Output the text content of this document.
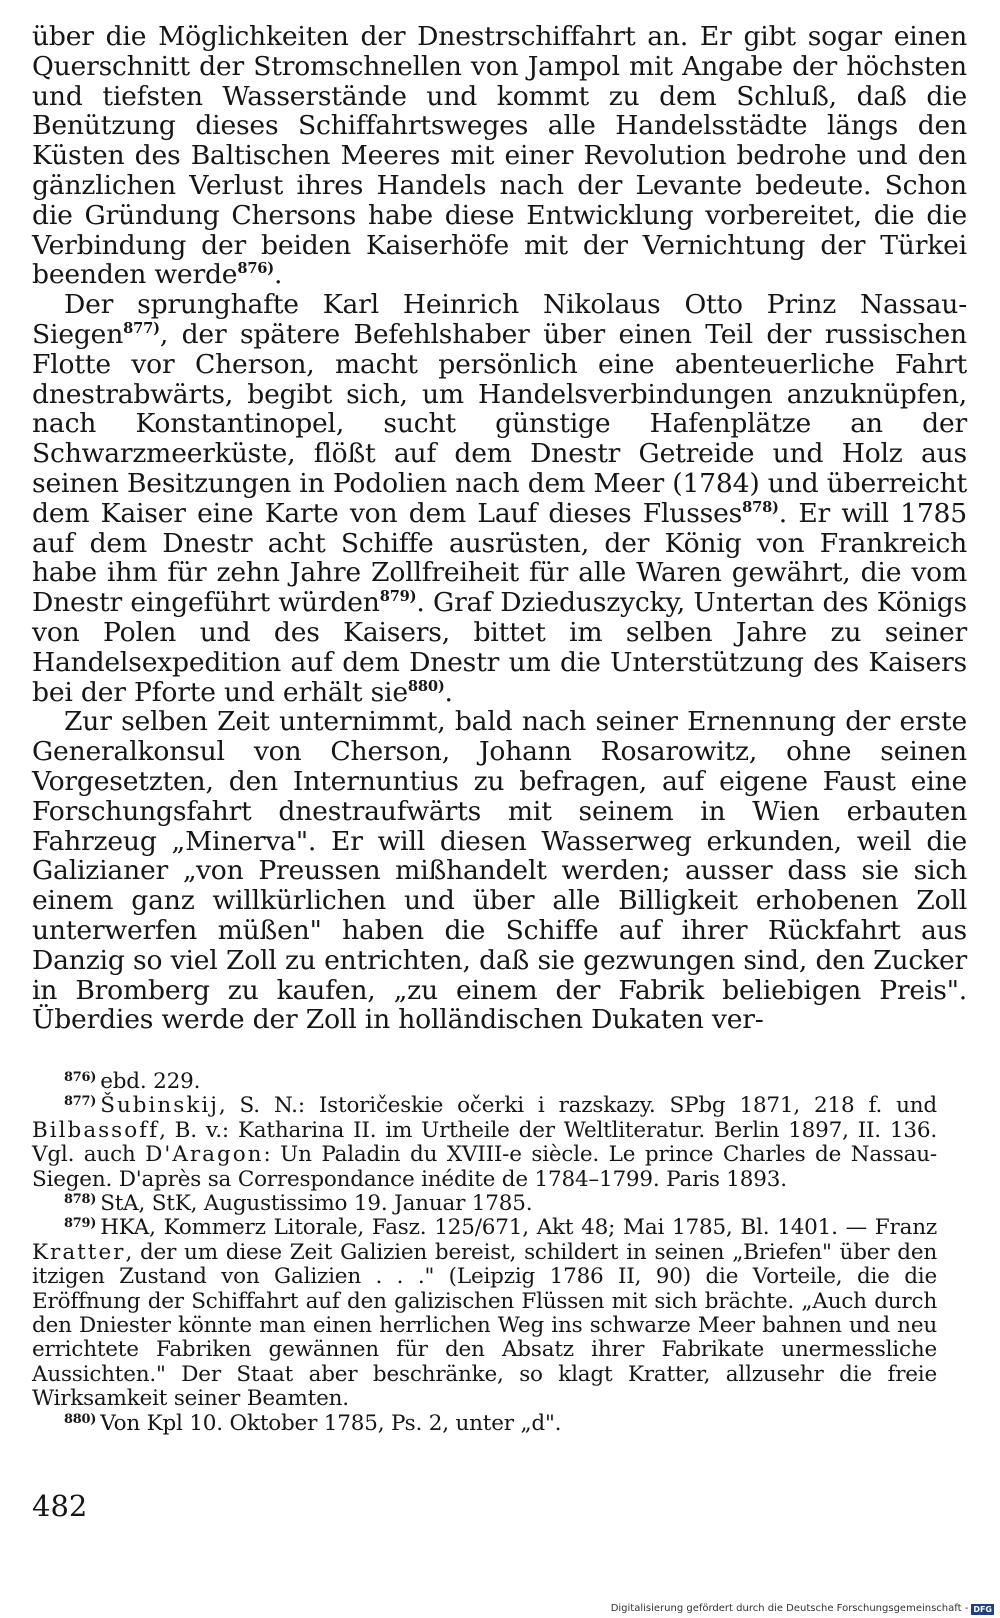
über die Möglichkeiten der Dnestrschiffahrt an. Er gibt sogar einen Querschnitt der Stromschnellen von Jampol mit Angabe der höchsten und tiefsten Wasserstände und kommt zu dem Schluß, daß die Benützung dieses Schiffahrtsweges alle Handelsstädte längs den Küsten des Baltischen Meeres mit einer Revolution bedrohe und den gänzlichen Verlust ihres Handels nach der Levante bedeute. Schon die Gründung Chersons habe diese Entwicklung vorbereitet, die die Verbindung der beiden Kaiserhöfe mit der Vernichtung der Türkei beenden werde$^{876)}$.

Der sprunghafte Karl Heinrich Nikolaus Otto Prinz Nassau-Siegen$^{877)}$, der spätere Befehlshaber über einen Teil der russischen Flotte vor Cherson, macht persönlich eine abenteuerliche Fahrt dnestrabwärts, begibt sich, um Handelsverbindungen anzuknüpfen, nach Konstantinopel, sucht günstige Hafenplätze an der Schwarzmeerküste, flößt auf dem Dnestr Getreide und Holz aus seinen Besitzungen in Podolien nach dem Meer (1784) und überreicht dem Kaiser eine Karte von dem Lauf dieses Flusses$^{878)}$. Er will 1785 auf dem Dnestr acht Schiffe ausrüsten, der König von Frankreich habe ihm für zehn Jahre Zollfreiheit für alle Waren gewährt, die vom Dnestr eingeführt würden$^{879)}$. Graf Dzieduszycky, Untertan des Königs von Polen und des Kaisers, bittet im selben Jahre zu seiner Handelsexpedition auf dem Dnestr um die Unterstützung des Kaisers bei der Pforte und erhält sie$^{880)}$.

Zur selben Zeit unternimmt, bald nach seiner Ernennung der erste Generalkonsul von Cherson, Johann Rosarowitz, ohne seinen Vorgesetzten, den Internuntius zu befragen, auf eigene Faust eine Forschungsfahrt dnestraufwärts mit seinem in Wien erbauten Fahrzeug „Minerva". Er will diesen Wasserweg erkunden, weil die Galizianer „von Preussen mißhandelt werden; ausser dass sie sich einem ganz willkürlichen und über alle Billigkeit erhobenen Zoll unterwerfen müßen" haben die Schiffe auf ihrer Rückfahrt aus Danzig so viel Zoll zu entrichten, daß sie gezwungen sind, den Zucker in Bromberg zu kaufen, „zu einem der Fabrik beliebigen Preis". Überdies werde der Zoll in holländischen Dukaten ver-

$^{876)}$ ebd. 229.

$^{877)}$ Šubinskij, S. N.: Istoričeskie očerki i razskazy. SPbg 1871, 218 f. und Bilbassoff, B. v.: Katharina II. im Urtheile der Weltliteratur. Berlin 1897, II. 136. Vgl. auch D'Aragon: Un Paladin du XVIII-e siècle. Le prince Charles de Nassau-Siegen. D'après sa Correspondance inédite de 1784–1799. Paris 1893.

$^{878)}$ StA, StK, Augustissimo 19. Januar 1785.

$^{879)}$ HKA, Kommerz Litorale, Fasz. 125/671, Akt 48; Mai 1785, Bl. 1401. — Franz Kratter, der um diese Zeit Galizien bereist, schildert in seinen „Briefen" über den itzigen Zustand von Galizien . . ." (Leipzig 1786 II, 90) die Vorteile, die die Eröffnung der Schiffahrt auf den galizischen Flüssen mit sich brächte. „Auch durch den Dniester könnte man einen herrlichen Weg ins schwarze Meer bahnen und neu errichtete Fabriken gewännen für den Absatz ihrer Fabrikate unermessliche Aussichten." Der Staat aber beschränke, so klagt Kratter, allzusehr die freie Wirksamkeit seiner Beamten.

$^{880)}$ Von Kpl 10. Oktober 1785, Ps. 2, unter „d".

482
Digitalisierung gefördert durch die Deutsche Forschungsgemeinschaft - DFG
